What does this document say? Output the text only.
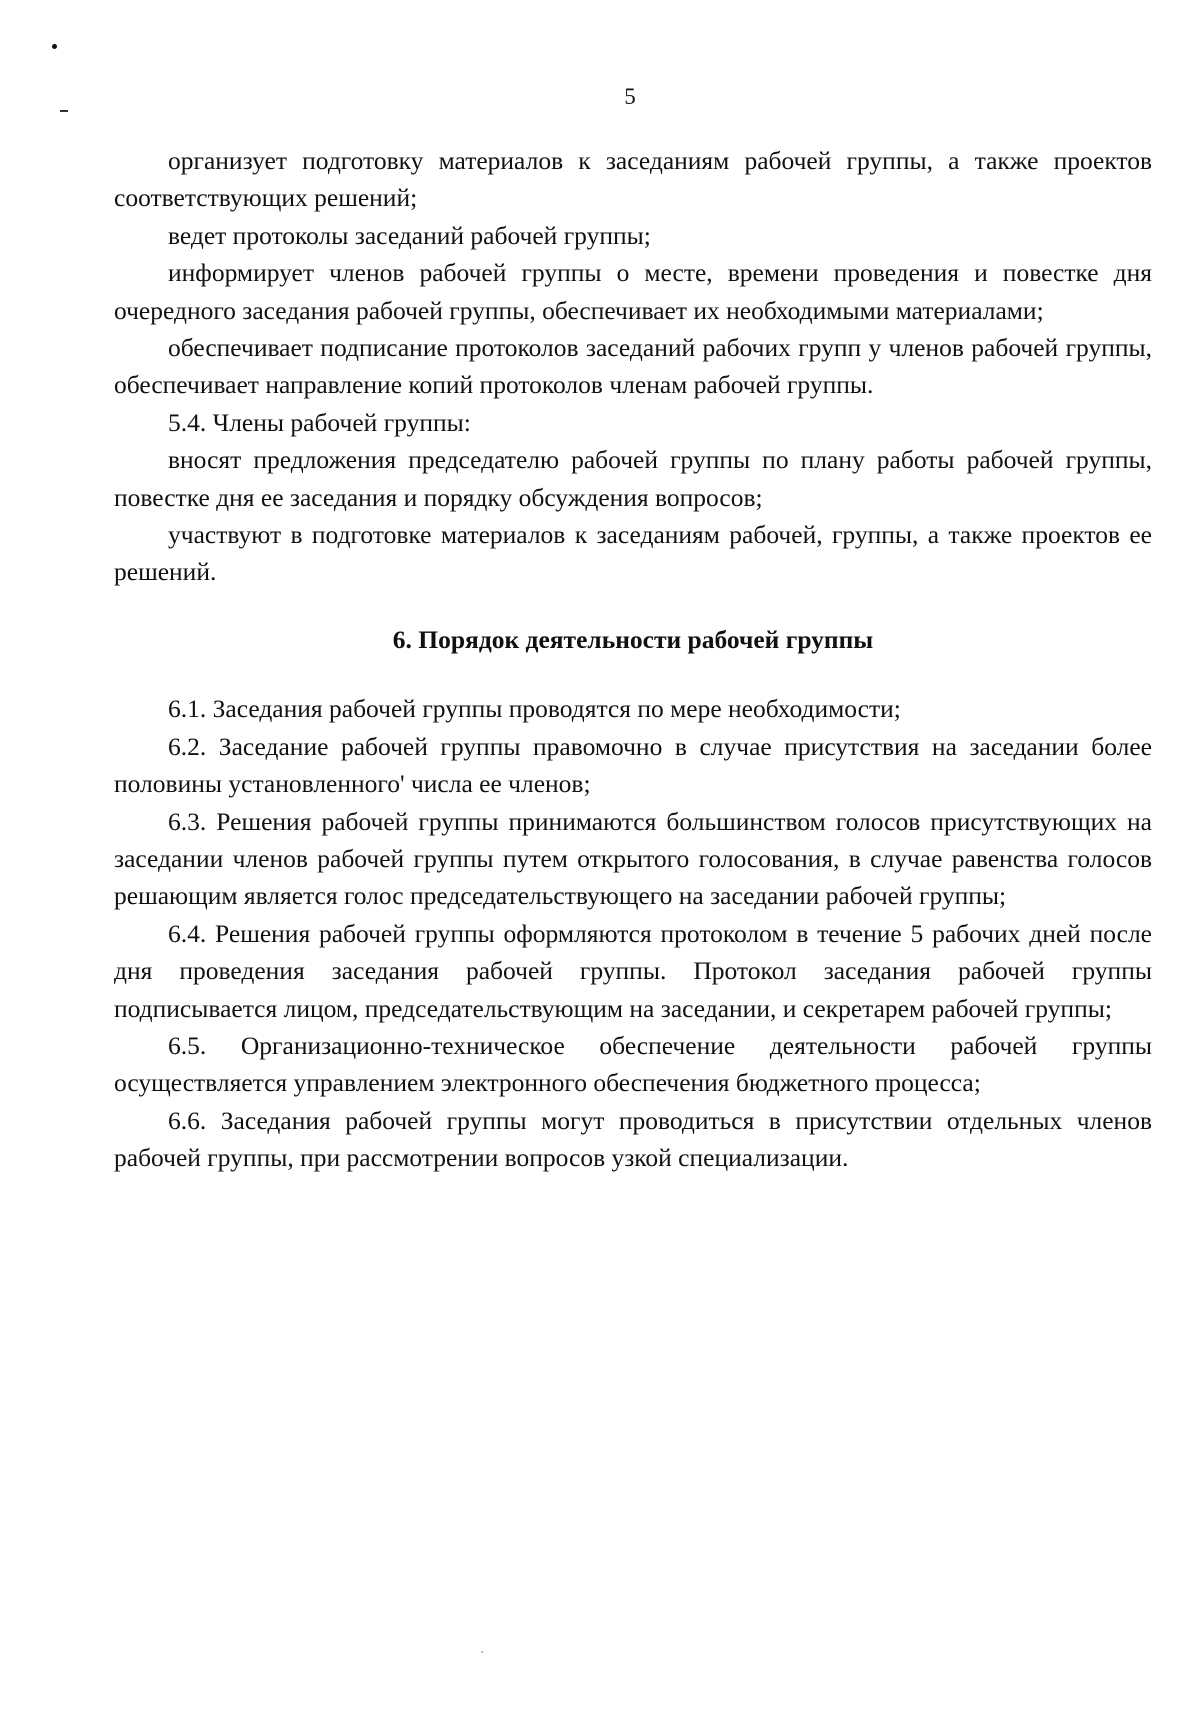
5

организует подготовку материалов к заседаниям рабочей группы, а также проектов соответствующих решений;

ведет протоколы заседаний рабочей группы;

информирует членов рабочей группы о месте, времени проведения и повестке дня очередного заседания рабочей группы, обеспечивает их необходимыми материалами;

обеспечивает подписание протоколов заседаний рабочих групп у членов рабочей группы, обеспечивает направление копий протоколов членам рабочей группы.

5.4. Члены рабочей группы:

вносят предложения председателю рабочей группы по плану работы рабочей группы, повестке дня ее заседания и порядку обсуждения вопросов;

участвуют в подготовке материалов к заседаниям рабочей, группы, а также проектов ее решений.

6. Порядок деятельности рабочей группы

6.1. Заседания рабочей группы проводятся по мере необходимости;

6.2. Заседание рабочей группы правомочно в случае присутствия на заседании более половины установленного' числа ее членов;

6.3. Решения рабочей группы принимаются большинством голосов присутствующих на заседании членов рабочей группы путем открытого голосования, в случае равенства голосов решающим является голос председательствующего на заседании рабочей группы;

6.4. Решения рабочей группы оформляются протоколом в течение 5 рабочих дней после дня проведения заседания рабочей группы. Протокол заседания рабочей группы подписывается лицом, председательствующим на заседании, и секретарем рабочей группы;

6.5. Организационно-техническое обеспечение деятельности рабочей группы осуществляется управлением электронного обеспечения бюджетного процесса;

6.6. Заседания рабочей группы могут проводиться в присутствии отдельных членов рабочей группы, при рассмотрении вопросов узкой специализации.
